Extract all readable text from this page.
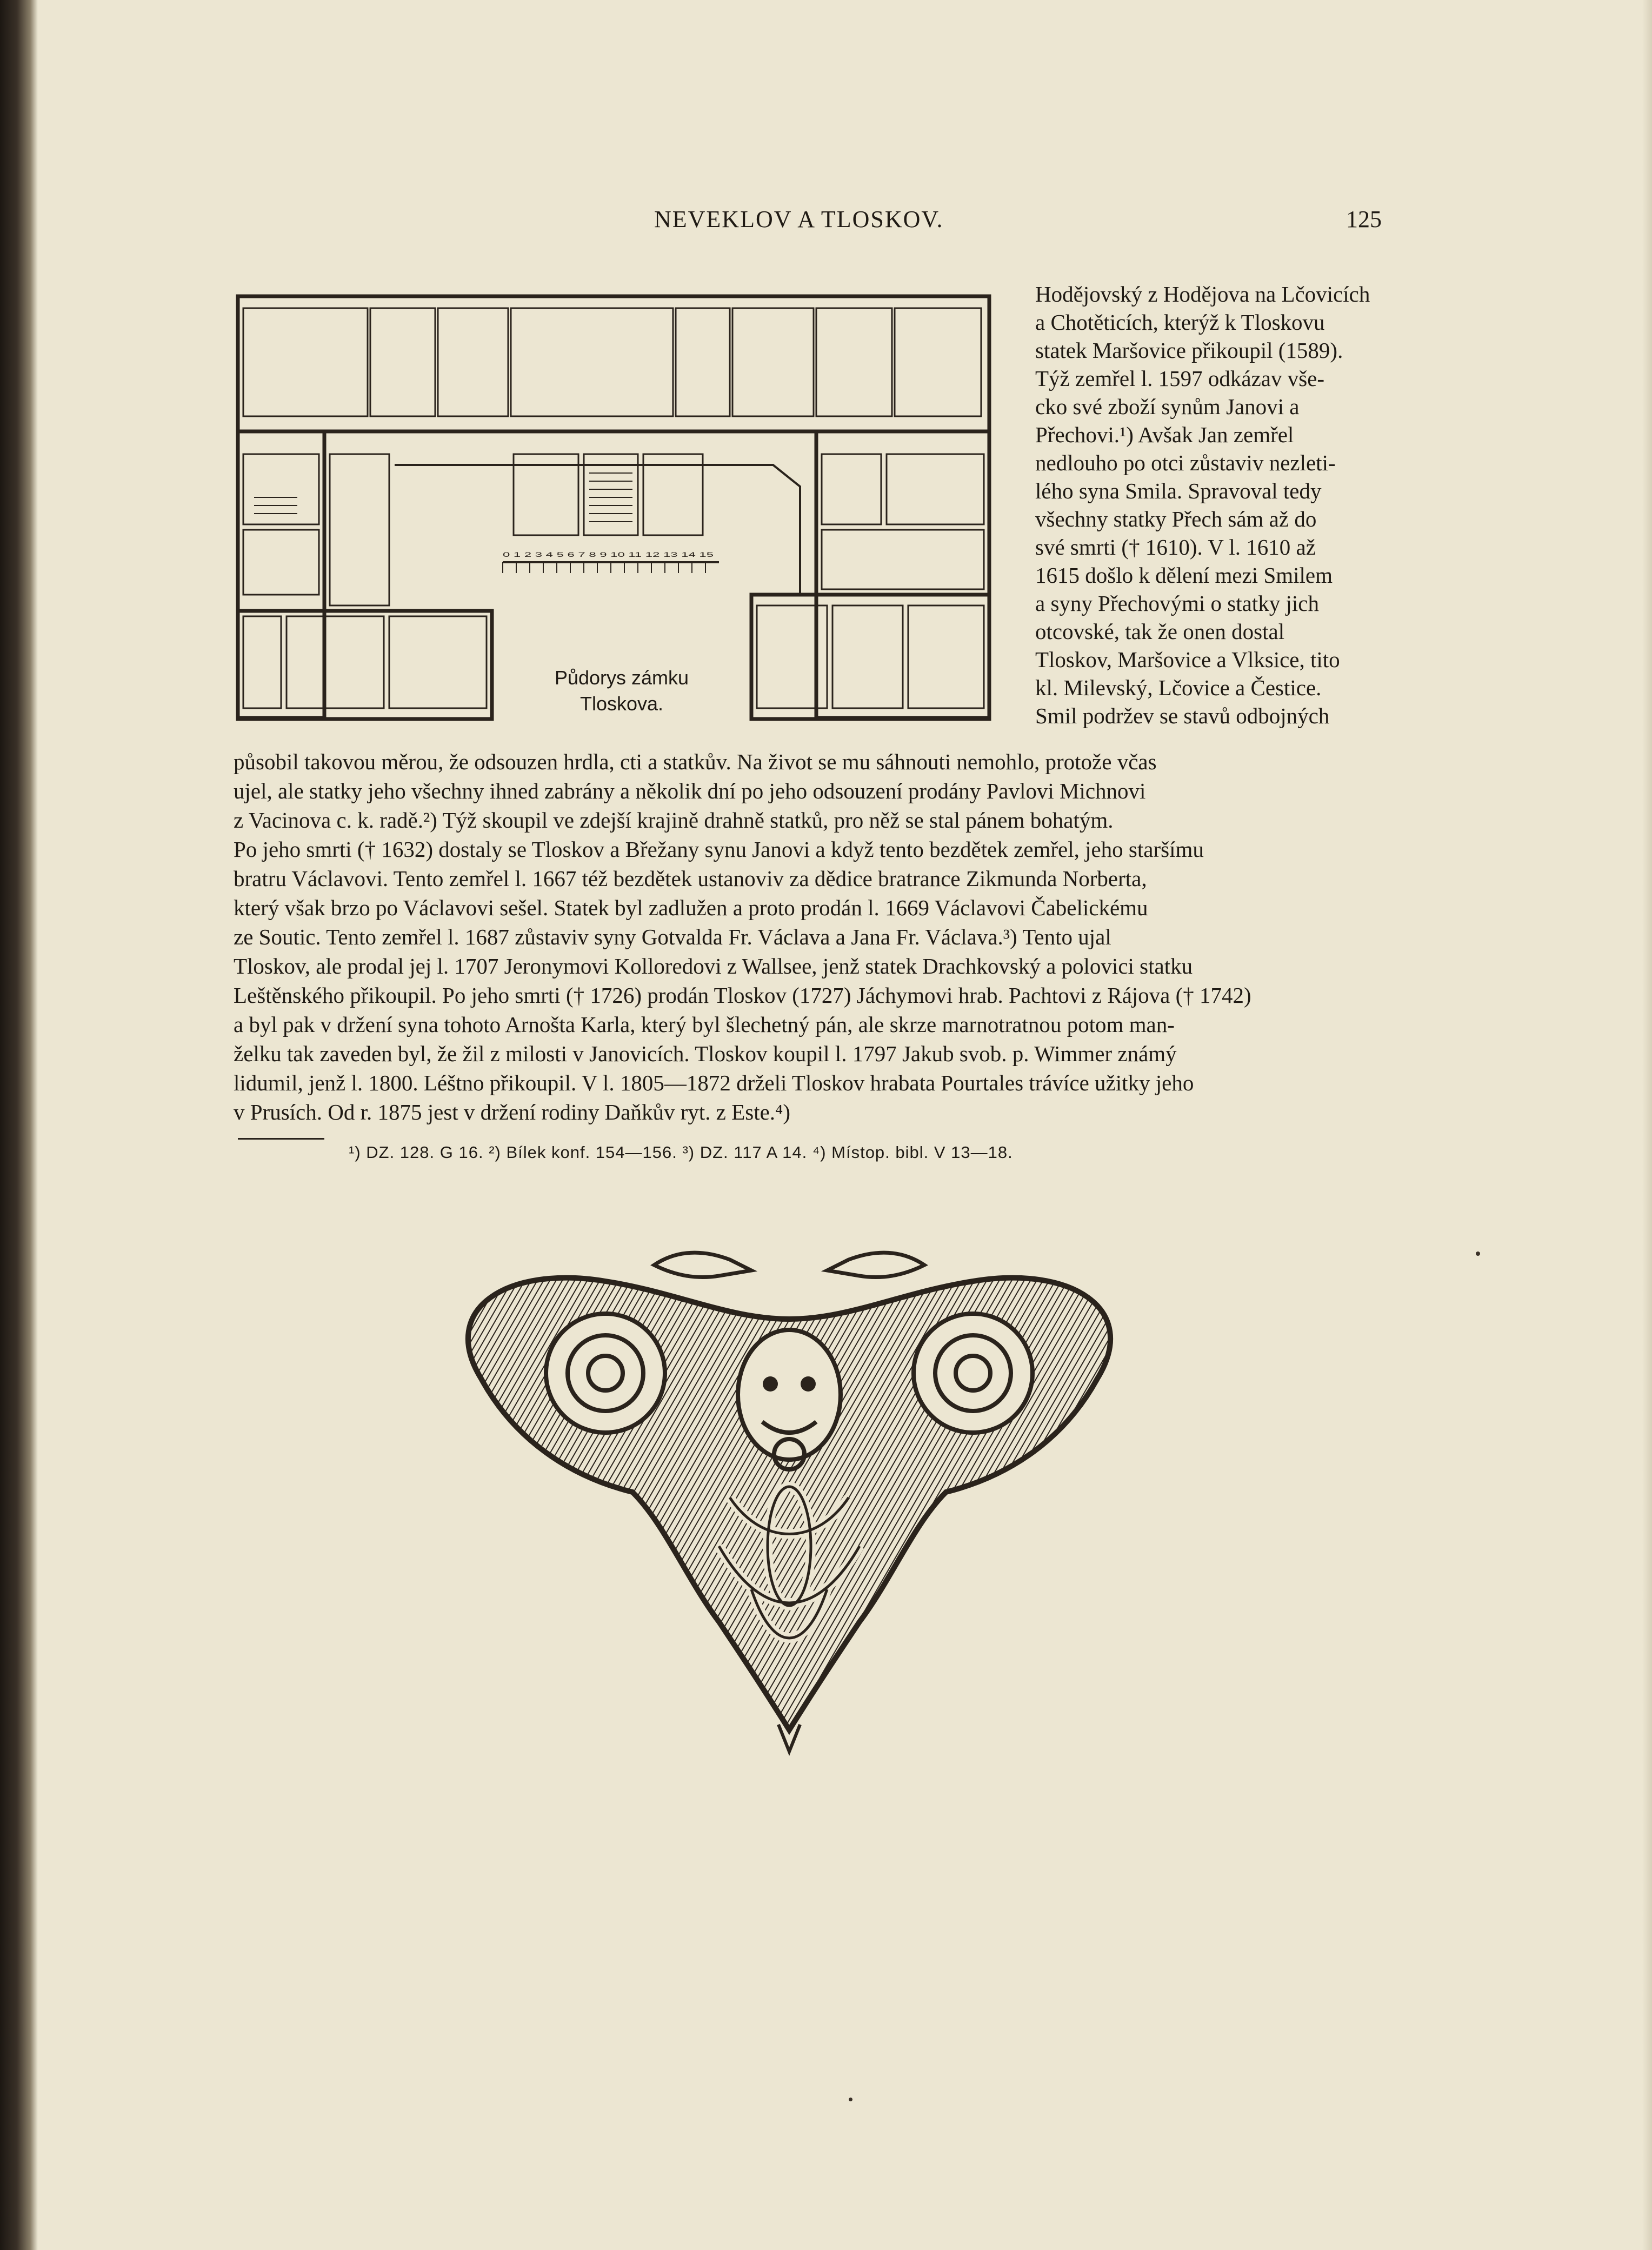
NEVEKLOV A TLOSKOV.	125
0 1 2 3 4 5 6 7 8 9 10 11 12 13 14 15
Půdorys zámku
Tloskova.

Hodějovský z Hodějova na Lčovicích

a Chotěticích, kterýž k Tloskovu

statek Maršovice přikoupil (1589).

Týž zemřel l. 1597 odkázav vše-

cko své zboží synům Janovi a

Přechovi.¹) Avšak Jan zemřel

nedlouho po otci zůstaviv nezleti-

lého syna Smila. Spravoval tedy

všechny statky Přech sám až do

své smrti († 1610). V l. 1610 až

1615 došlo k dělení mezi Smilem

a syny Přechovými o statky jich

otcovské, tak že onen dostal

Tloskov, Maršovice a Vlksice, tito

kl. Milevský, Lčovice a Čestice.

Smil podržev se stavů odbojných

působil takovou měrou, že odsouzen hrdla, cti a statkův. Na život se mu sáhnouti nemohlo, protože včas

ujel, ale statky jeho všechny ihned zabrány a několik dní po jeho odsouzení prodány Pavlovi Michnovi

z Vacinova c. k. radě.²) Týž skoupil ve zdejší krajině drahně statků, pro něž se stal pánem bohatým.

Po jeho smrti († 1632) dostaly se Tloskov a Břežany synu Janovi a když tento bezdětek zemřel, jeho staršímu

bratru Václavovi. Tento zemřel l. 1667 též bezdětek ustanoviv za dědice bratrance Zikmunda Norberta,

který však brzo po Václavovi sešel. Statek byl zadlužen a proto prodán l. 1669 Václavovi Čabelickému

ze Soutic. Tento zemřel l. 1687 zůstaviv syny Gotvalda Fr. Václava a Jana Fr. Václava.³) Tento ujal

Tloskov, ale prodal jej l. 1707 Jeronymovi Kolloredovi z Wallsee, jenž statek Drachkovský a polovici statku

Leštěnského přikoupil. Po jeho smrti († 1726) prodán Tloskov (1727) Jáchymovi hrab. Pachtovi z Rájova († 1742)

a byl pak v držení syna tohoto Arnošta Karla, který byl šlechetný pán, ale skrze marnotratnou potom man-

želku tak zaveden byl, že žil z milosti v Janovicích. Tloskov koupil l. 1797 Jakub svob. p. Wimmer známý

lidumil, jenž l. 1800. Léštno přikoupil. V l. 1805—1872 drželi Tloskov hrabata Pourtales trávíce užitky jeho

v Prusích. Od r. 1875 jest v držení rodiny Daňkův ryt. z Este.⁴)

¹) DZ. 128. G 16. ²) Bílek konf. 154—156. ³) DZ. 117 A 14. ⁴) Místop. bibl. V 13—18.
